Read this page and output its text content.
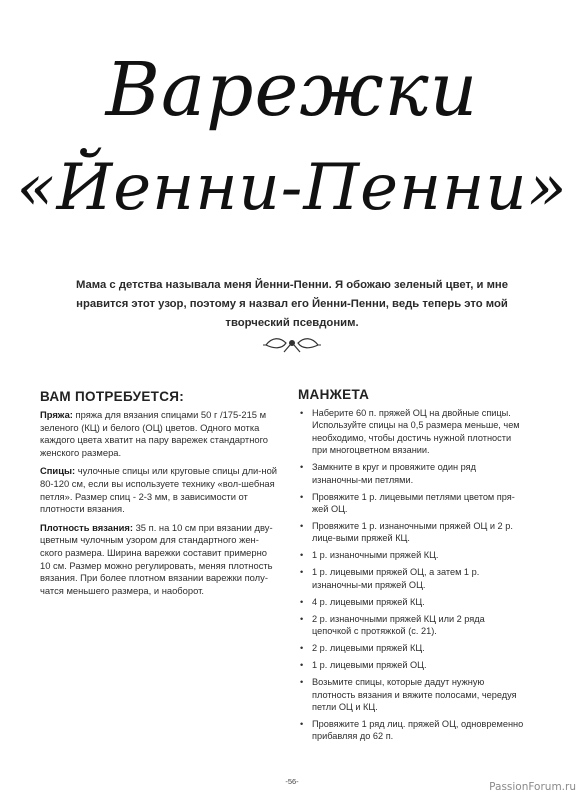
Варежки
«Йенни-Пенни»
Мама с детства называла меня Йенни-Пенни. Я обожаю зеленый цвет, и мне нравится этот узор, поэтому я назвал его Йенни-Пенни, ведь теперь это мой творческий псевдоним.
ВАМ ПОТРЕБУЕТСЯ:

Пряжа: пряжа для вязания спицами 50 г /175-215 м зеленого (КЦ) и белого (ОЦ) цветов. Одного мотка каждого цвета хватит на пару варежек стандартного женского размера.

Спицы: чулочные спицы или круговые спицы дли-ной 80-120 см, если вы используете технику «вол-шебная петля». Размер спиц - 2-3 мм, в зависимости от плотности вязания.

Плотность вязания: 35 п. на 10 см при вязании дву-цветным чулочным узором для стандартного жен-ского размера. Ширина варежки составит примерно 10 см. Размер можно регулировать, меняя плотность вязания. При более плотном вязании варежки полу-чатся меньшего размера, и наоборот.

МАНЖЕТА
• Наберите 60 п. пряжей ОЦ на двойные спицы. Используйте спицы на 0,5 размера меньше, чем необходимо, чтобы достичь нужной плотности при многоцветном вязании.
• Замкните в круг и провяжите один ряд изнаночны-ми петлями.
• Провяжите 1 р. лицевыми петлями цветом пря-жей ОЦ.
• Провяжите 1 р. изнаночными пряжей ОЦ и 2 р. лице-выми пряжей КЦ.
• 1 р. изнаночными пряжей КЦ.
• 1 р. лицевыми пряжей ОЦ, а затем 1 р. изнаночны-ми пряжей ОЦ.
• 4 р. лицевыми пряжей КЦ.
• 2 р. изнаночными пряжей КЦ или 2 ряда цепочкой с протяжкой (с. 21).
• 2 р. лицевыми пряжей КЦ.
• 1 р. лицевыми пряжей ОЦ.
• Возьмите спицы, которые дадут нужную плотность вязания и вяжите полосами, чередуя петли ОЦ и КЦ.
• Провяжите 1 ряд лиц. пряжей ОЦ, одновременно прибавляя до 62 п.
-56-	PassionForum.ru
